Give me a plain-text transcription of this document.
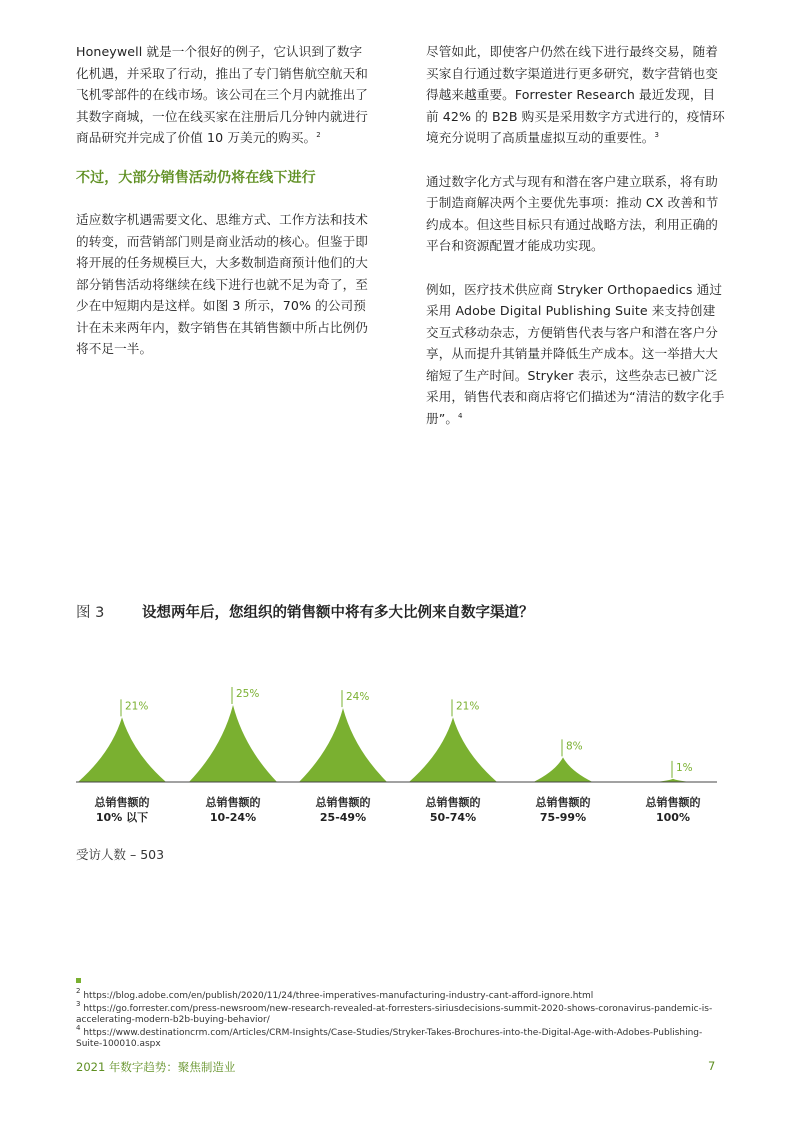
Honeywell 就是一个很好的例子，它认识到了数字化机遇，并采取了行动，推出了专门销售航空航天和飞机零部件的在线市场。该公司在三个月内就推出了其数字商城，一位在线买家在注册后几分钟内就进行商品研究并完成了价值 10 万美元的购买。$^2$

不过，大部分销售活动仍将在线下进行

适应数字机遇需要文化、思维方式、工作方法和技术的转变，而营销部门则是商业活动的核心。但鉴于即将开展的任务规模巨大，大多数制造商预计他们的大部分销售活动将继续在线下进行也就不足为奇了，至少在中短期内是这样。如图 3 所示，70% 的公司预计在未来两年内，数字销售在其销售额中所占比例仍将不足一半。

尽管如此，即使客户仍然在线下进行最终交易，随着买家自行通过数字渠道进行更多研究，数字营销也变得越来越重要。Forrester Research 最近发现，目前 42% 的 B2B 购买是采用数字方式进行的，疫情环境充分说明了高质量虚拟互动的重要性。$^3$

通过数字化方式与现有和潜在客户建立联系，将有助于制造商解决两个主要优先事项：推动 CX 改善和节约成本。但这些目标只有通过战略方法，利用正确的平台和资源配置才能成功实现。

例如，医疗技术供应商 Stryker Orthopaedics 通过采用 Adobe Digital Publishing Suite 来支持创建交互式移动杂志，方便销售代表与客户和潜在客户分享，从而提升其销量并降低生产成本。这一举措大大缩短了生产时间。Stryker 表示，这些杂志已被广泛采用，销售代表和商店将它们描述为“清洁的数字化手册”。$^4$

图 3	设想两年后，您组织的销售额中将有多大比例来自数字渠道？
21%
总销售额的
10% 以下
25%
总销售额的
10-24%
24%
总销售额的
25-49%
21%
总销售额的
50-74%
8%
总销售额的
75-99%
1%
总销售额的
100%
受访人数 – 503

$^2$ https://blog.adobe.com/en/publish/2020/11/24/three-imperatives-manufacturing-industry-cant-afford-ignore.html

$^3$ https://go.forrester.com/press-newsroom/new-research-revealed-at-forresters-siriusdecisions-summit-2020-shows-coronavirus-pandemic-is-accelerating-modern-b2b-buying-behavior/

$^4$ https://www.destinationcrm.com/Articles/CRM-Insights/Case-Studies/Stryker-Takes-Brochures-into-the-Digital-Age-with-Adobes-Publishing-Suite-100010.aspx

2021 年数字趋势：聚焦制造业	7
